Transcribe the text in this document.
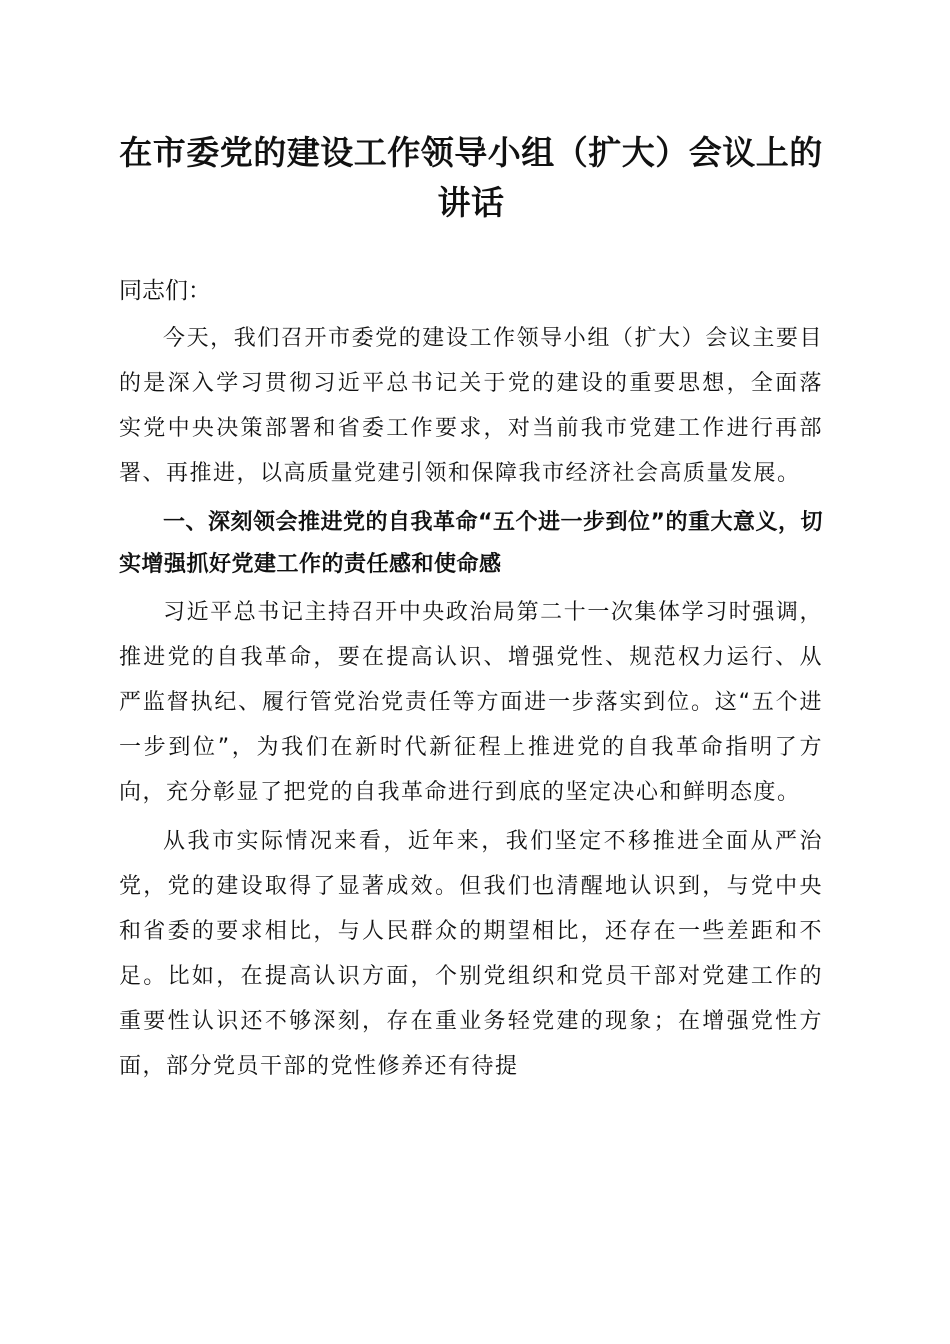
在市委党的建设工作领导小组（扩大）会议上的讲话

同志们：

今天，我们召开市委党的建设工作领导小组（扩大）会议主要目的是深入学习贯彻习近平总书记关于党的建设的重要思想，全面落实党中央决策部署和省委工作要求，对当前我市党建工作进行再部署、再推进，以高质量党建引领和保障我市经济社会高质量发展。

一、深刻领会推进党的自我革命“五个进一步到位”的重大意义，切实增强抓好党建工作的责任感和使命感

习近平总书记主持召开中央政治局第二十一次集体学习时强调，推进党的自我革命，要在提高认识、增强党性、规范权力运行、从严监督执纪、履行管党治党责任等方面进一步落实到位。这“五个进一步到位”，为我们在新时代新征程上推进党的自我革命指明了方向，充分彰显了把党的自我革命进行到底的坚定决心和鲜明态度。

从我市实际情况来看，近年来，我们坚定不移推进全面从严治党，党的建设取得了显著成效。但我们也清醒地认识到，与党中央和省委的要求相比，与人民群众的期望相比，还存在一些差距和不足。比如，在提高认识方面，个别党组织和党员干部对党建工作的重要性认识还不够深刻，存在重业务轻党建的现象；在增强党性方面，部分党员干部的党性修养还有待提
